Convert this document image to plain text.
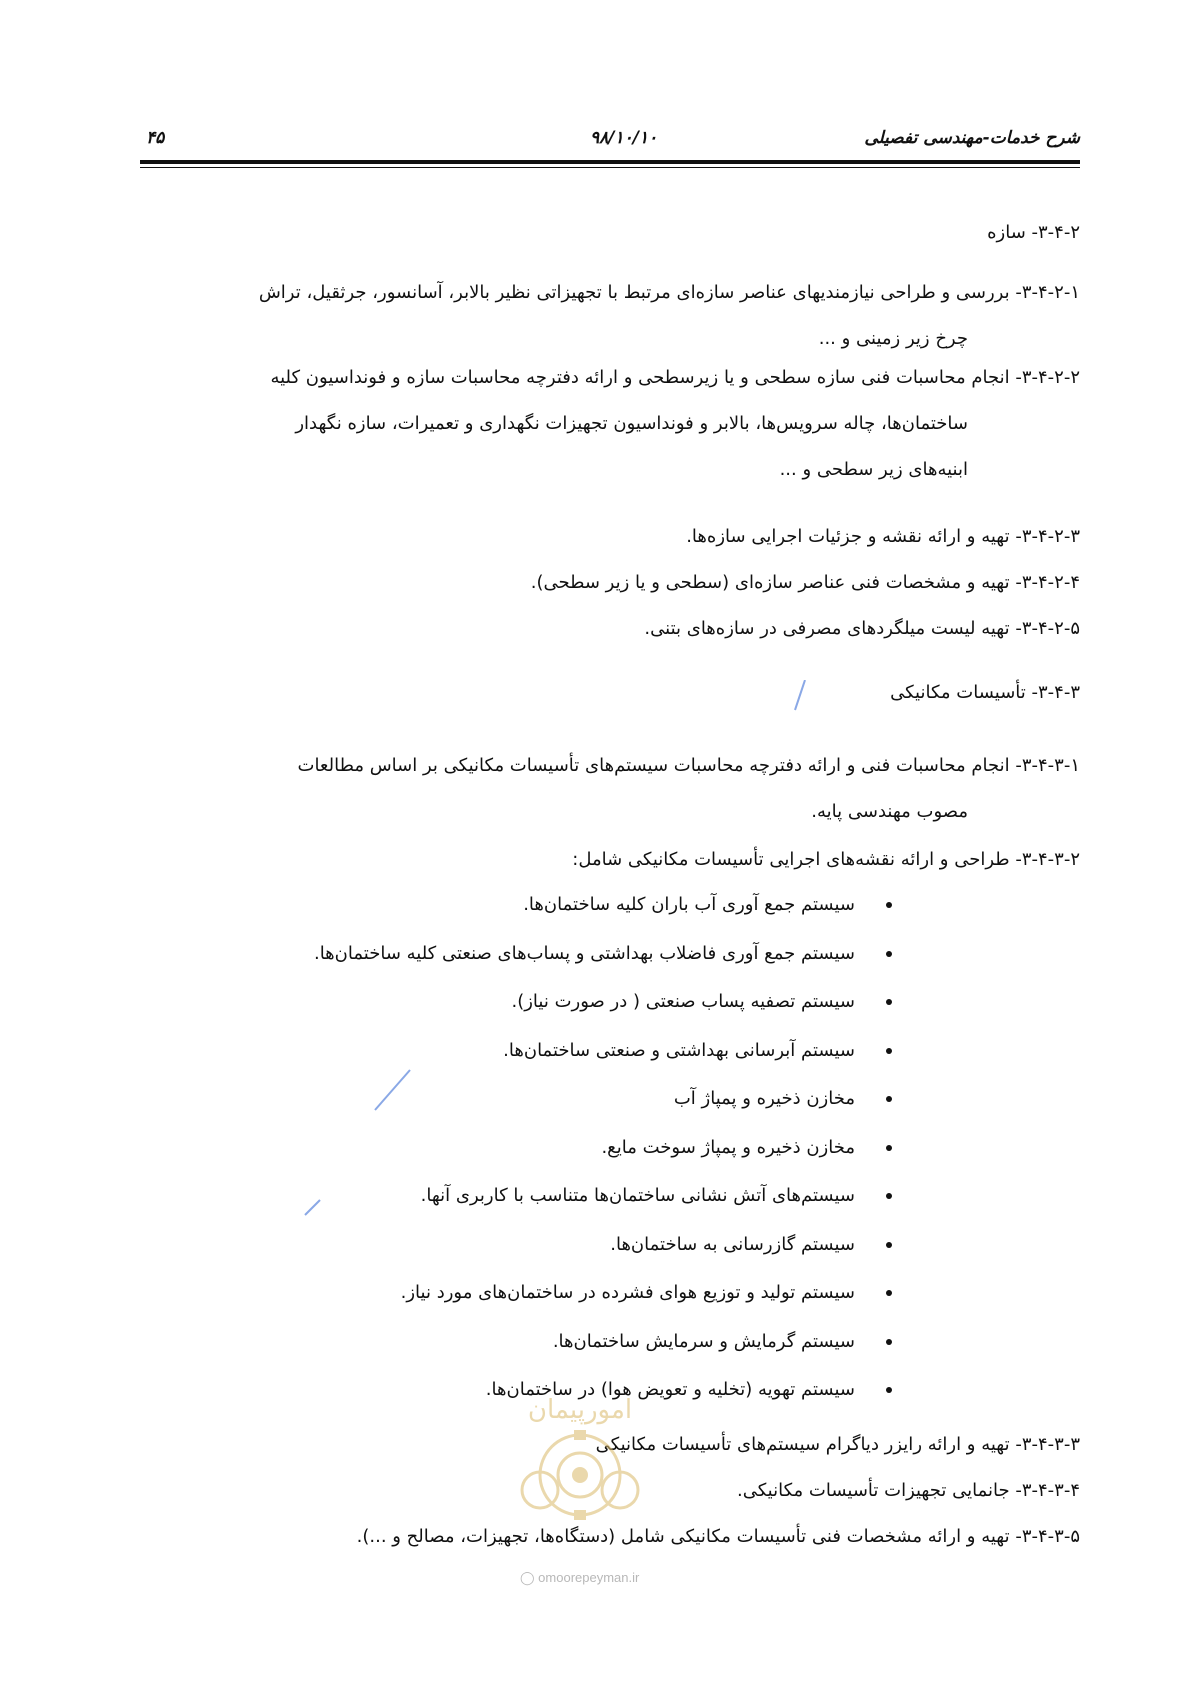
شرح خدمات-مهندسی تفصیلی
۹۸/۱۰/۱۰
۴۵
۳-۴-۲- سازه
۳-۴-۲-۱- بررسی و طراحی نیازمندیهای عناصر سازه‌ای مرتبط با تجهیزاتی نظیر بالابر، آسانسور، جرثقیل، تراش
چرخ زیر زمینی و ...
۳-۴-۲-۲- انجام محاسبات فنی سازه سطحی و یا زیرسطحی و ارائه دفترچه محاسبات سازه و فونداسیون کلیه
ساختمان‌ها، چاله سرویس‌ها، بالابر و فونداسیون تجهیزات نگهداری و تعمیرات، سازه نگهدار
ابنیه‌های زیر سطحی و ...
۳-۴-۲-۳- تهیه و ارائه نقشه و جزئیات اجرایی سازه‌ها.
۳-۴-۲-۴- تهیه و مشخصات فنی عناصر سازه‌ای (سطحی و یا زیر سطحی).
۳-۴-۲-۵- تهیه لیست میلگردهای مصرفی در سازه‌های بتنی.
۳-۴-۳- تأسیسات مکانیکی
۳-۴-۳-۱- انجام محاسبات فنی و ارائه دفترچه محاسبات سیستم‌های تأسیسات مکانیکی بر اساس مطالعات
مصوب مهندسی پایه.
۳-۴-۳-۲- طراحی و ارائه نقشه‌های اجرایی تأسیسات مکانیکی شامل:
سیستم جمع آوری آب باران کلیه ساختمان‌ها.
سیستم جمع آوری فاضلاب بهداشتی و پساب‌های صنعتی کلیه ساختمان‌ها.
سیستم تصفیه پساب صنعتی ( در صورت نیاز).
سیستم آبرسانی بهداشتی و صنعتی ساختمان‌ها.
مخازن ذخیره و پمپاژ آب
مخازن ذخیره و پمپاژ سوخت مایع.
سیستم‌های آتش نشانی ساختمان‌ها متناسب با کاربری آنها.
سیستم گازرسانی به ساختمان‌ها.
سیستم تولید و توزیع هوای فشرده در ساختمان‌های مورد نیاز.
سیستم گرمایش و سرمایش ساختمان‌ها.
سیستم تهویه (تخلیه و تعویض هوا) در ساختمان‌ها.
۳-۴-۳-۳- تهیه و ارائه رایزر دیاگرام سیستم‌های تأسیسات مکانیکی
۳-۴-۳-۴- جانمایی تجهیزات تأسیسات مکانیکی.
۳-۴-۳-۵- تهیه و ارائه مشخصات فنی تأسیسات مکانیکی شامل (دستگاه‌ها، تجهیزات، مصالح و ...).
امورپیمان
◯ omoorepeyman.ir
